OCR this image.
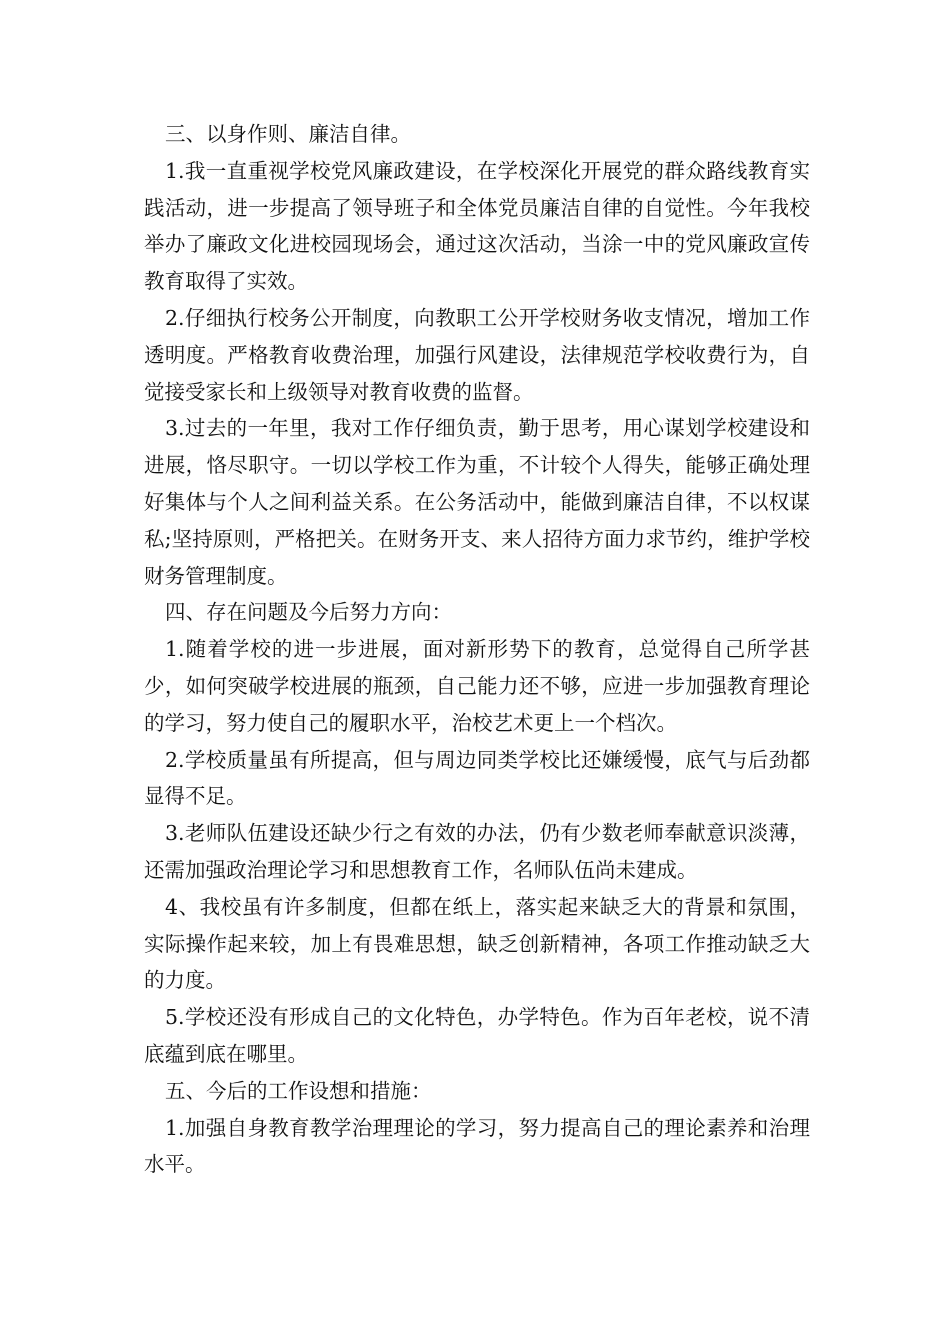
三、以身作则、廉洁自律。

1.我一直重视学校党风廉政建设，在学校深化开展党的群众路线教育实践活动，进一步提高了领导班子和全体党员廉洁自律的自觉性。今年我校举办了廉政文化进校园现场会，通过这次活动，当涂一中的党风廉政宣传教育取得了实效。

2.仔细执行校务公开制度，向教职工公开学校财务收支情况，增加工作透明度。严格教育收费治理，加强行风建设，法律规范学校收费行为，自觉接受家长和上级领导对教育收费的监督。

3.过去的一年里，我对工作仔细负责，勤于思考，用心谋划学校建设和进展，恪尽职守。一切以学校工作为重，不计较个人得失，能够正确处理好集体与个人之间利益关系。在公务活动中，能做到廉洁自律，不以权谋私;坚持原则，严格把关。在财务开支、来人招待方面力求节约，维护学校财务管理制度。

四、存在问题及今后努力方向：

1.随着学校的进一步进展，面对新形势下的教育，总觉得自己所学甚少，如何突破学校进展的瓶颈，自己能力还不够，应进一步加强教育理论的学习，努力使自己的履职水平，治校艺术更上一个档次。

2.学校质量虽有所提高，但与周边同类学校比还嫌缓慢，底气与后劲都显得不足。

3.老师队伍建设还缺少行之有效的办法，仍有少数老师奉献意识淡薄，还需加强政治理论学习和思想教育工作，名师队伍尚未建成。

4、我校虽有许多制度，但都在纸上，落实起来缺乏大的背景和氛围，实际操作起来较，加上有畏难思想，缺乏创新精神，各项工作推动缺乏大的力度。

5.学校还没有形成自己的文化特色，办学特色。作为百年老校，说不清底蕴到底在哪里。

五、今后的工作设想和措施：

1.加强自身教育教学治理理论的学习，努力提高自己的理论素养和治理水平。
